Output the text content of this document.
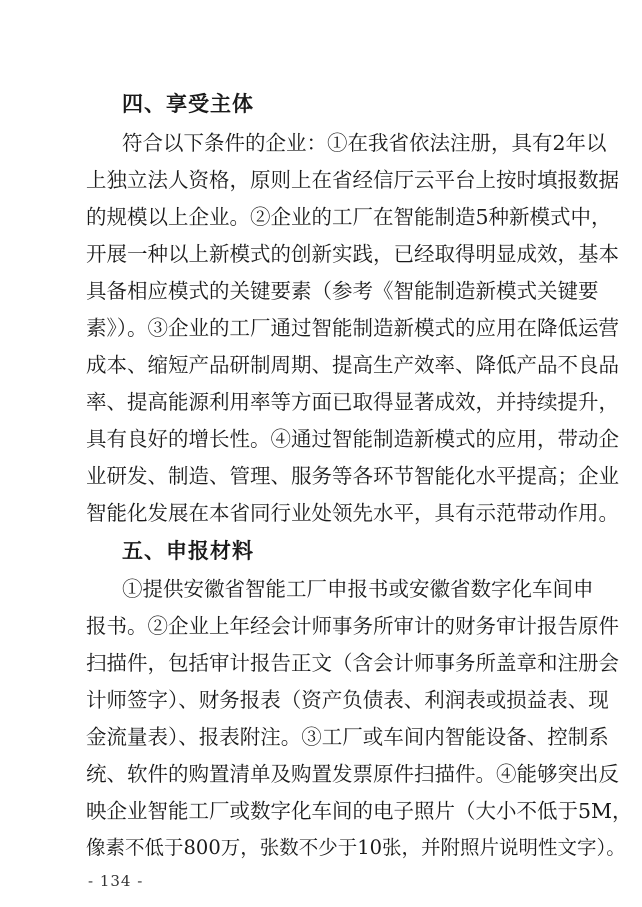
四、享受主体
符合以下条件的企业：①在我省依法注册，具有2年以
上独立法人资格，原则上在省经信厅云平台上按时填报数据
的规模以上企业。②企业的工厂在智能制造5种新模式中，
开展一种以上新模式的创新实践，已经取得明显成效，基本
具备相应模式的关键要素（参考《智能制造新模式关键要
素》）。③企业的工厂通过智能制造新模式的应用在降低运营
成本、缩短产品研制周期、提高生产效率、降低产品不良品
率、提高能源利用率等方面已取得显著成效，并持续提升，
具有良好的增长性。④通过智能制造新模式的应用，带动企
业研发、制造、管理、服务等各环节智能化水平提高；企业
智能化发展在本省同行业处领先水平，具有示范带动作用。
五、申报材料
①提供安徽省智能工厂申报书或安徽省数字化车间申
报书。②企业上年经会计师事务所审计的财务审计报告原件
扫描件，包括审计报告正文（含会计师事务所盖章和注册会
计师签字）、财务报表（资产负债表、利润表或损益表、现
金流量表）、报表附注。③工厂或车间内智能设备、控制系
统、软件的购置清单及购置发票原件扫描件。④能够突出反
映企业智能工厂或数字化车间的电子照片（大小不低于5M，
像素不低于800万，张数不少于10张，并附照片说明性文字）。
- 134 -
